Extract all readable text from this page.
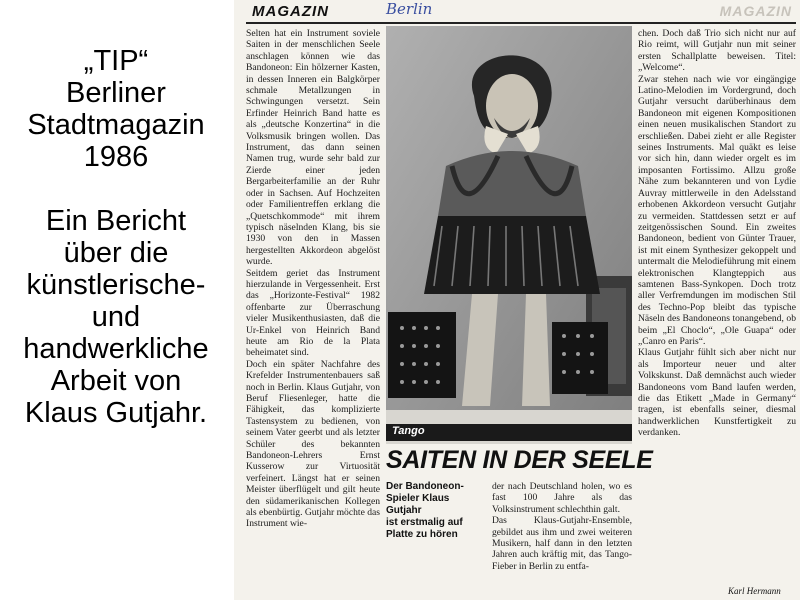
„TIP“
Berliner
Stadtmagazin
1986
Ein Bericht
über die
künstlerische-
und
handwerkliche
Arbeit von
Klaus Gutjahr.
MAGAZIN	Berlin	MAGAZIN
Selten hat ein Instrument soviele Saiten in der menschlichen Seele anschlagen können wie das Bandoneon: Ein hölzerner Kasten, in dessen Inneren ein Balgkörper schmale Metallzungen in Schwingungen versetzt. Sein Erfinder Heinrich Band hatte es als „deutsche Konzertina“ in die Volksmusik bringen wollen. Das Instrument, das dann seinen Namen trug, wurde sehr bald zur Zierde einer jeden Bergarbeiterfamilie an der Ruhr oder in Sachsen. Auf Hochzeiten oder Familientreffen erklang die „Quetschkommode“ mit ihrem typisch näselnden Klang, bis sie 1930 von den in Massen hergestellten Akkordeon abgelöst wurde.
Seitdem geriet das Instrument hierzulande in Vergessenheit. Erst das „Horizonte-Festival“ 1982 offenbarte zur Überraschung vieler Musikenthusiasten, daß die Ur-Enkel von Heinrich Band heute am Rio de la Plata beheimatet sind.
Doch ein später Nachfahre des Krefelder Instrumentenbauers saß noch in Berlin. Klaus Gutjahr, von Beruf Fliesenleger, hatte die Fähigkeit, das komplizierte Tastensystem zu bedienen, von seinem Vater geerbt und als letzter Schüler des bekannten Bandoneon-Lehrers Ernst Kusserow zur Virtuosität verfeinert. Längst hat er seinen Meister überflügelt und gilt heute den südamerikanischen Kollegen als ebenbürtig. Gutjahr möchte das Instrument wie-
Tango
SAITEN IN DER SEELE
Der Bandoneon-
Spieler Klaus Gutjahr
ist erstmalig auf
Platte zu hören
der nach Deutschland holen, wo es fast 100 Jahre als das Volksinstrument schlechthin galt.
Das Klaus-Gutjahr-Ensemble, gebildet aus ihm und zwei weiteren Musikern, half dann in den letzten Jahren auch kräftig mit, das Tango-Fieber in Berlin zu entfa-
chen. Doch daß Trio sich nicht nur auf Rio reimt, will Gutjahr nun mit seiner ersten Schallplatte beweisen. Titel: „Welcome“.
Zwar stehen nach wie vor eingängige Latino-Melodien im Vordergrund, doch Gutjahr versucht darüberhinaus dem Bandoneon mit eigenen Kompositionen einen neuen musikalischen Standort zu erschließen. Dabei zieht er alle Register seines Instruments. Mal quäkt es leise vor sich hin, dann wieder orgelt es im imposanten Fortissimo. Allzu große Nähe zum bekannteren und von Lydie Auvray mittlerweile in den Adelsstand erhobenen Akkordeon versucht Gutjahr zu vermeiden. Stattdessen setzt er auf zeitgenössischen Sound. Ein zweites Bandoneon, bedient von Günter Trauer, ist mit einem Synthesizer gekoppelt und untermalt die Melodieführung mit einem elektronischen Klangteppich aus samtenen Bass-Synkopen. Doch trotz aller Verfremdungen im modischen Stil des Techno-Pop bleibt das typische Näseln des Bandoneons tonangebend, ob beim „El Choclo“, „Ole Guapa“ oder „Canro en Paris“.
Klaus Gutjahr fühlt sich aber nicht nur als Importeur neuer und alter Volkskunst. Daß demnächst auch wieder Bandoneons vom Band laufen werden, die das Etikett „Made in Germany“ tragen, ist ebenfalls seiner, diesmal handwerklichen Kunstfertigkeit zu verdanken.
Karl Hermann
